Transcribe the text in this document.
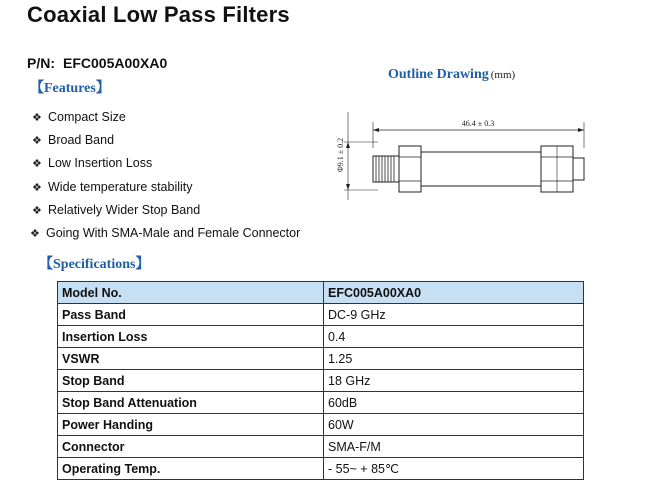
Coaxial Low Pass Filters
P/N: EFC005A00XA0
【Features】
❖ Compact Size
❖ Broad Band
❖ Low Insertion Loss
❖ Wide temperature stability
❖ Relatively Wider Stop Band
❖ Going With SMA-Male and Female Connector
Outline Drawing (mm)
46.4 ± 0.3
Φ9.1 ± 0.2
【Specifications】
Model No.	EFC005A00XA0
Pass Band	DC-9 GHz
Insertion Loss	0.4
VSWR	1.25
Stop Band	18 GHz
Stop Band Attenuation	60dB
Power Handing	60W
Connector	SMA-F/M
Operating Temp.	- 55~ + 85℃
